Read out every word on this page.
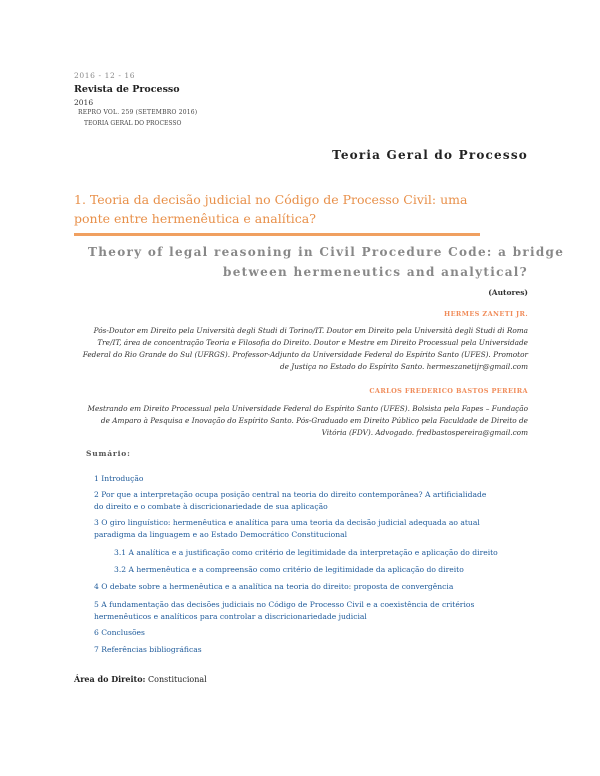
2016 - 12 - 16
Revista de Processo
2016
REPRO VOL. 259 (SETEMBRO 2016)
TEORIA GERAL DO PROCESSO
Teoria Geral do Processo
1. Teoria da decisão judicial no Código de Processo Civil: uma
ponte entre hermenêutica e analítica?
Theory of legal reasoning in Civil Procedure Code: a bridge
between hermeneutics and analytical?
(Autores)
HERMES ZANETI JR.
Pós-Doutor em Direito pela Università degli Studi di Torino/IT. Doutor em Direito pela Università degli Studi di Roma
Tre/IT, área de concentração Teoria e Filosofia do Direito. Doutor e Mestre em Direito Processual pela Universidade
Federal do Rio Grande do Sul (UFRGS). Professor-Adjunto da Universidade Federal do Espírito Santo (UFES). Promotor
de Justiça no Estado do Espírito Santo. hermeszanetijr@gmail.com
CARLOS FREDERICO BASTOS PEREIRA
Mestrando em Direito Processual pela Universidade Federal do Espírito Santo (UFES). Bolsista pela Fapes – Fundação
de Amparo à Pesquisa e Inovação do Espírito Santo. Pós-Graduado em Direito Público pela Faculdade de Direito de
Vitória (FDV). Advogado. fredbastospereira@gmail.com
Sumário:
1 Introdução
2 Por que a interpretação ocupa posição central na teoria do direito contemporânea? A artificialidade
do direito e o combate à discricionariedade de sua aplicação
3 O giro linguístico: hermenêutica e analítica para uma teoria da decisão judicial adequada ao atual
paradigma da linguagem e ao Estado Democrático Constitucional
3.1 A analítica e a justificação como critério de legitimidade da interpretação e aplicação do direito
3.2 A hermenêutica e a compreensão como critério de legitimidade da aplicação do direito
4 O debate sobre a hermenêutica e a analítica na teoria do direito: proposta de convergência
5 A fundamentação das decisões judiciais no Código de Processo Civil e a coexistência de critérios
hermenêuticos e analíticos para controlar a discricionariedade judicial
6 Conclusões
7 Referências bibliográficas
Área do Direito: Constitucional
